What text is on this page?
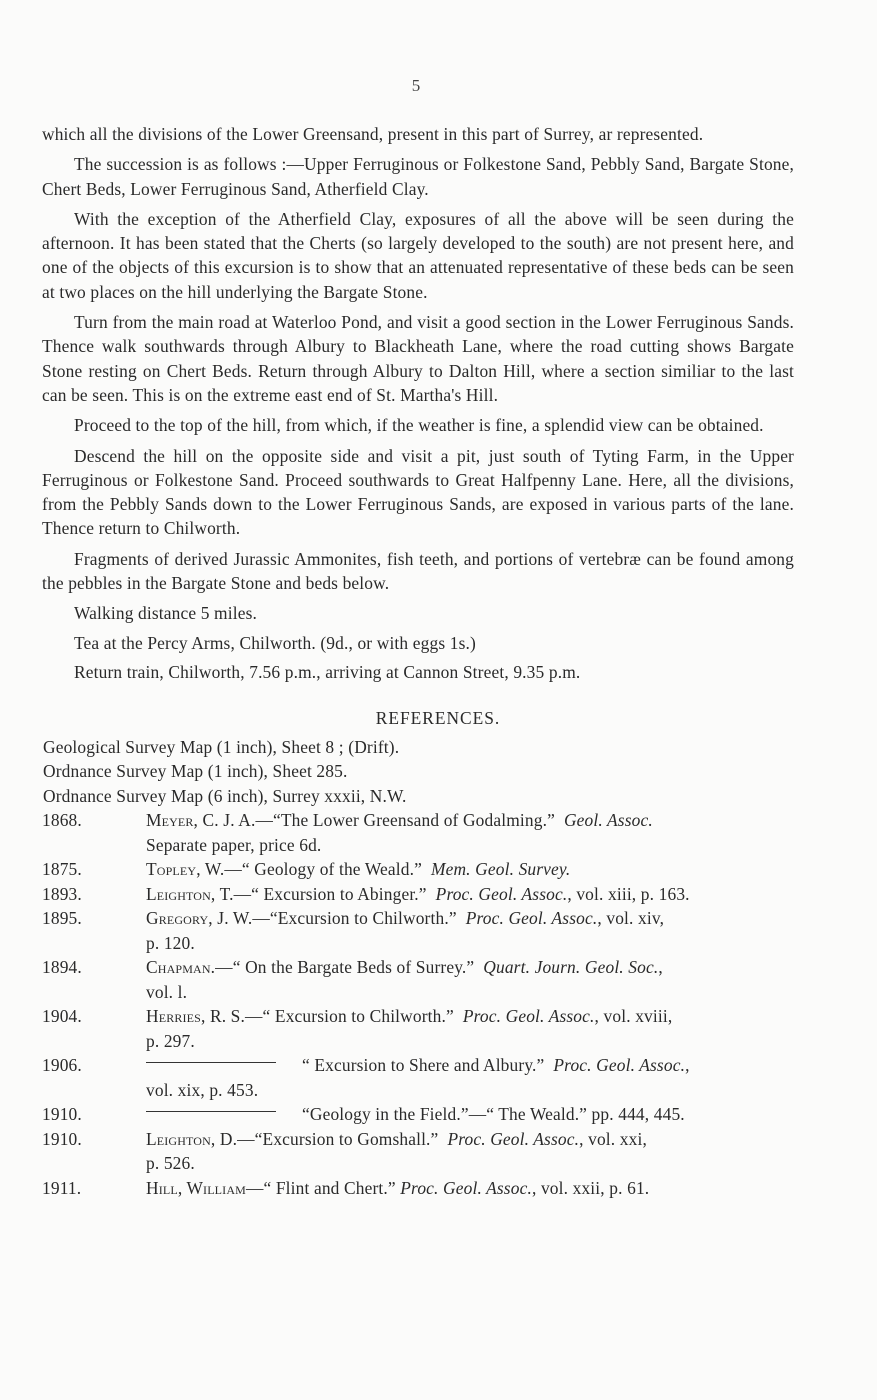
5

which all the divisions of the Lower Greensand, present in this part of Surrey, ar represented.

The succession is as follows :—Upper Ferruginous or Folkestone Sand, Pebbly Sand, Bargate Stone, Chert Beds, Lower Ferruginous Sand, Atherfield Clay.

With the exception of the Atherfield Clay, exposures of all the above will be seen during the afternoon. It has been stated that the Cherts (so largely developed to the south) are not present here, and one of the objects of this excursion is to show that an attenuated representative of these beds can be seen at two places on the hill underlying the Bargate Stone.

Turn from the main road at Waterloo Pond, and visit a good section in the Lower Ferruginous Sands. Thence walk southwards through Albury to Blackheath Lane, where the road cutting shows Bargate Stone resting on Chert Beds. Return through Albury to Dalton Hill, where a section similiar to the last can be seen. This is on the extreme east end of St. Martha's Hill.

Proceed to the top of the hill, from which, if the weather is fine, a splendid view can be obtained.

Descend the hill on the opposite side and visit a pit, just south of Tyting Farm, in the Upper Ferruginous or Folkestone Sand. Proceed southwards to Great Halfpenny Lane. Here, all the divisions, from the Pebbly Sands down to the Lower Ferruginous Sands, are exposed in various parts of the lane. Thence return to Chilworth.

Fragments of derived Jurassic Ammonites, fish teeth, and portions of vertebræ can be found among the pebbles in the Bargate Stone and beds below.

Walking distance 5 miles.

Tea at the Percy Arms, Chilworth. (9d., or with eggs 1s.)

Return train, Chilworth, 7.56 p.m., arriving at Cannon Street, 9.35 p.m.

REFERENCES.
Geological Survey Map (1 inch), Sheet 8 ; (Drift).
Ordnance Survey Map (1 inch), Sheet 285.
Ordnance Survey Map (6 inch), Surrey xxxii, N.W.
1868.	Meyer, C. J. A.—“The Lower Greensand of Godalming.” Geol. Assoc.
Separate paper, price 6d.
1875.	Topley, W.—“ Geology of the Weald.” Mem. Geol. Survey.
1893.	Leighton, T.—“ Excursion to Abinger.” Proc. Geol. Assoc., vol. xiii, p. 163.
1895.	Gregory, J. W.—“Excursion to Chilworth.” Proc. Geol. Assoc., vol. xiv,
p. 120.
1894.	Chapman.—“ On the Bargate Beds of Surrey.” Quart. Journ. Geol. Soc.,
vol. l.
1904.	Herries, R. S.—“ Excursion to Chilworth.” Proc. Geol. Assoc., vol. xviii,
p. 297.
1906.	“ Excursion to Shere and Albury.” Proc. Geol. Assoc.,
vol. xix, p. 453.
1910.	“Geology in the Field.”—“ The Weald.” pp. 444, 445.
1910.	Leighton, D.—“Excursion to Gomshall.” Proc. Geol. Assoc., vol. xxi,
p. 526.
1911.	Hill, William—“ Flint and Chert.” Proc. Geol. Assoc., vol. xxii, p. 61.
